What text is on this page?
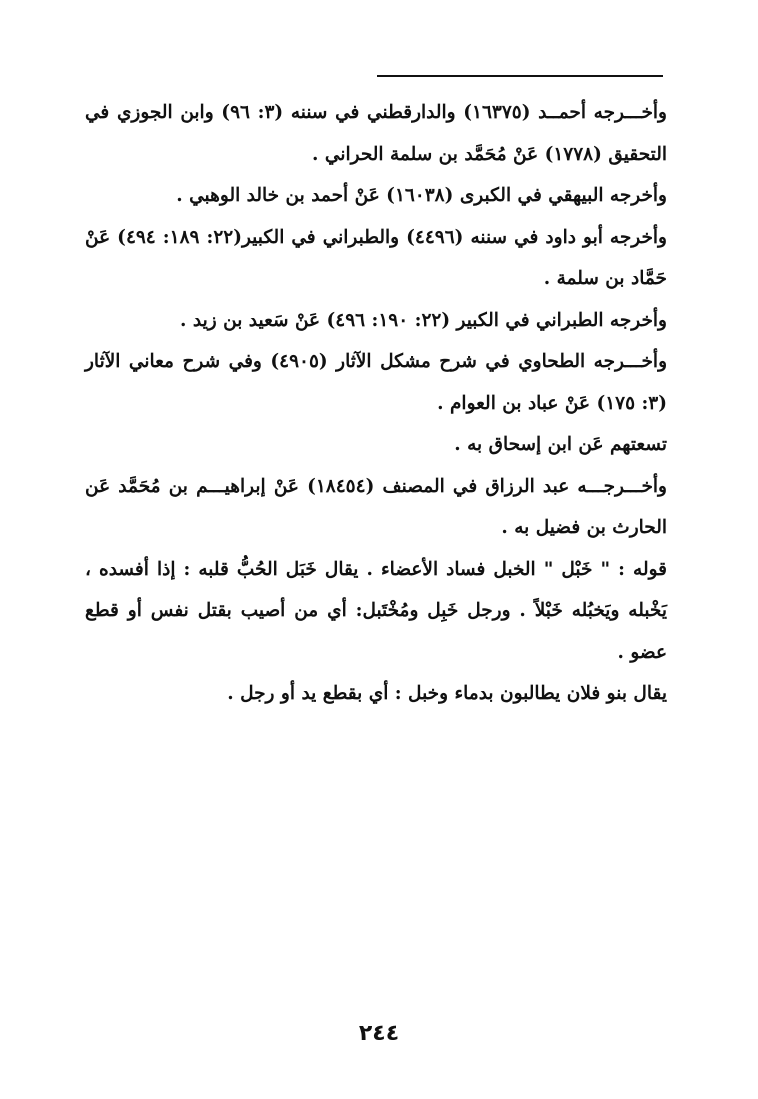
وأخـــرجه أحمــد (١٦٣٧٥) والدارقطني في سننه (٣: ٩٦) وابن الجوزي في التحقيق (١٧٧٨) عَنْ مُحَمَّد بن سلمة الحراني .

وأخرجه البيهقي في الكبرى (١٦٠٣٨) عَنْ أحمد بن خالد الوهبي .

وأخرجه أبو داود في سننه (٤٤٩٦) والطبراني في الكبير(٢٢: ١٨٩: ٤٩٤) عَنْ حَمَّاد بن سلمة .

وأخرجه الطبراني في الكبير (٢٢: ١٩٠: ٤٩٦) عَنْ سَعيد بن زيد .

وأخـــرجه الطحاوي في شرح مشكل الآثار (٤٩٠٥) وفي شرح معاني الآثار (٣: ١٧٥) عَنْ عباد بن العوام .

تسعتهم عَن ابن إسحاق به .

وأخـــرجـــه عبد الرزاق في المصنف (١٨٤٥٤) عَنْ إبراهيـــم بن مُحَمَّد عَن الحارث بن فضيل به .

قوله : " خَبْل " الخبل فساد الأعضاء . يقال خَبَل الحُبُّ قلبه : إذا أفسده ، يَخْبله ويَخبُله خَبْلاً . ورجل خَبِل ومُخْتَبل: أي من أصيب بقتل نفس أو قطع عضو .

يقال بنو فلان يطالبون بدماء وخبل : أي بقطع يد أو رجل .

٢٤٤
